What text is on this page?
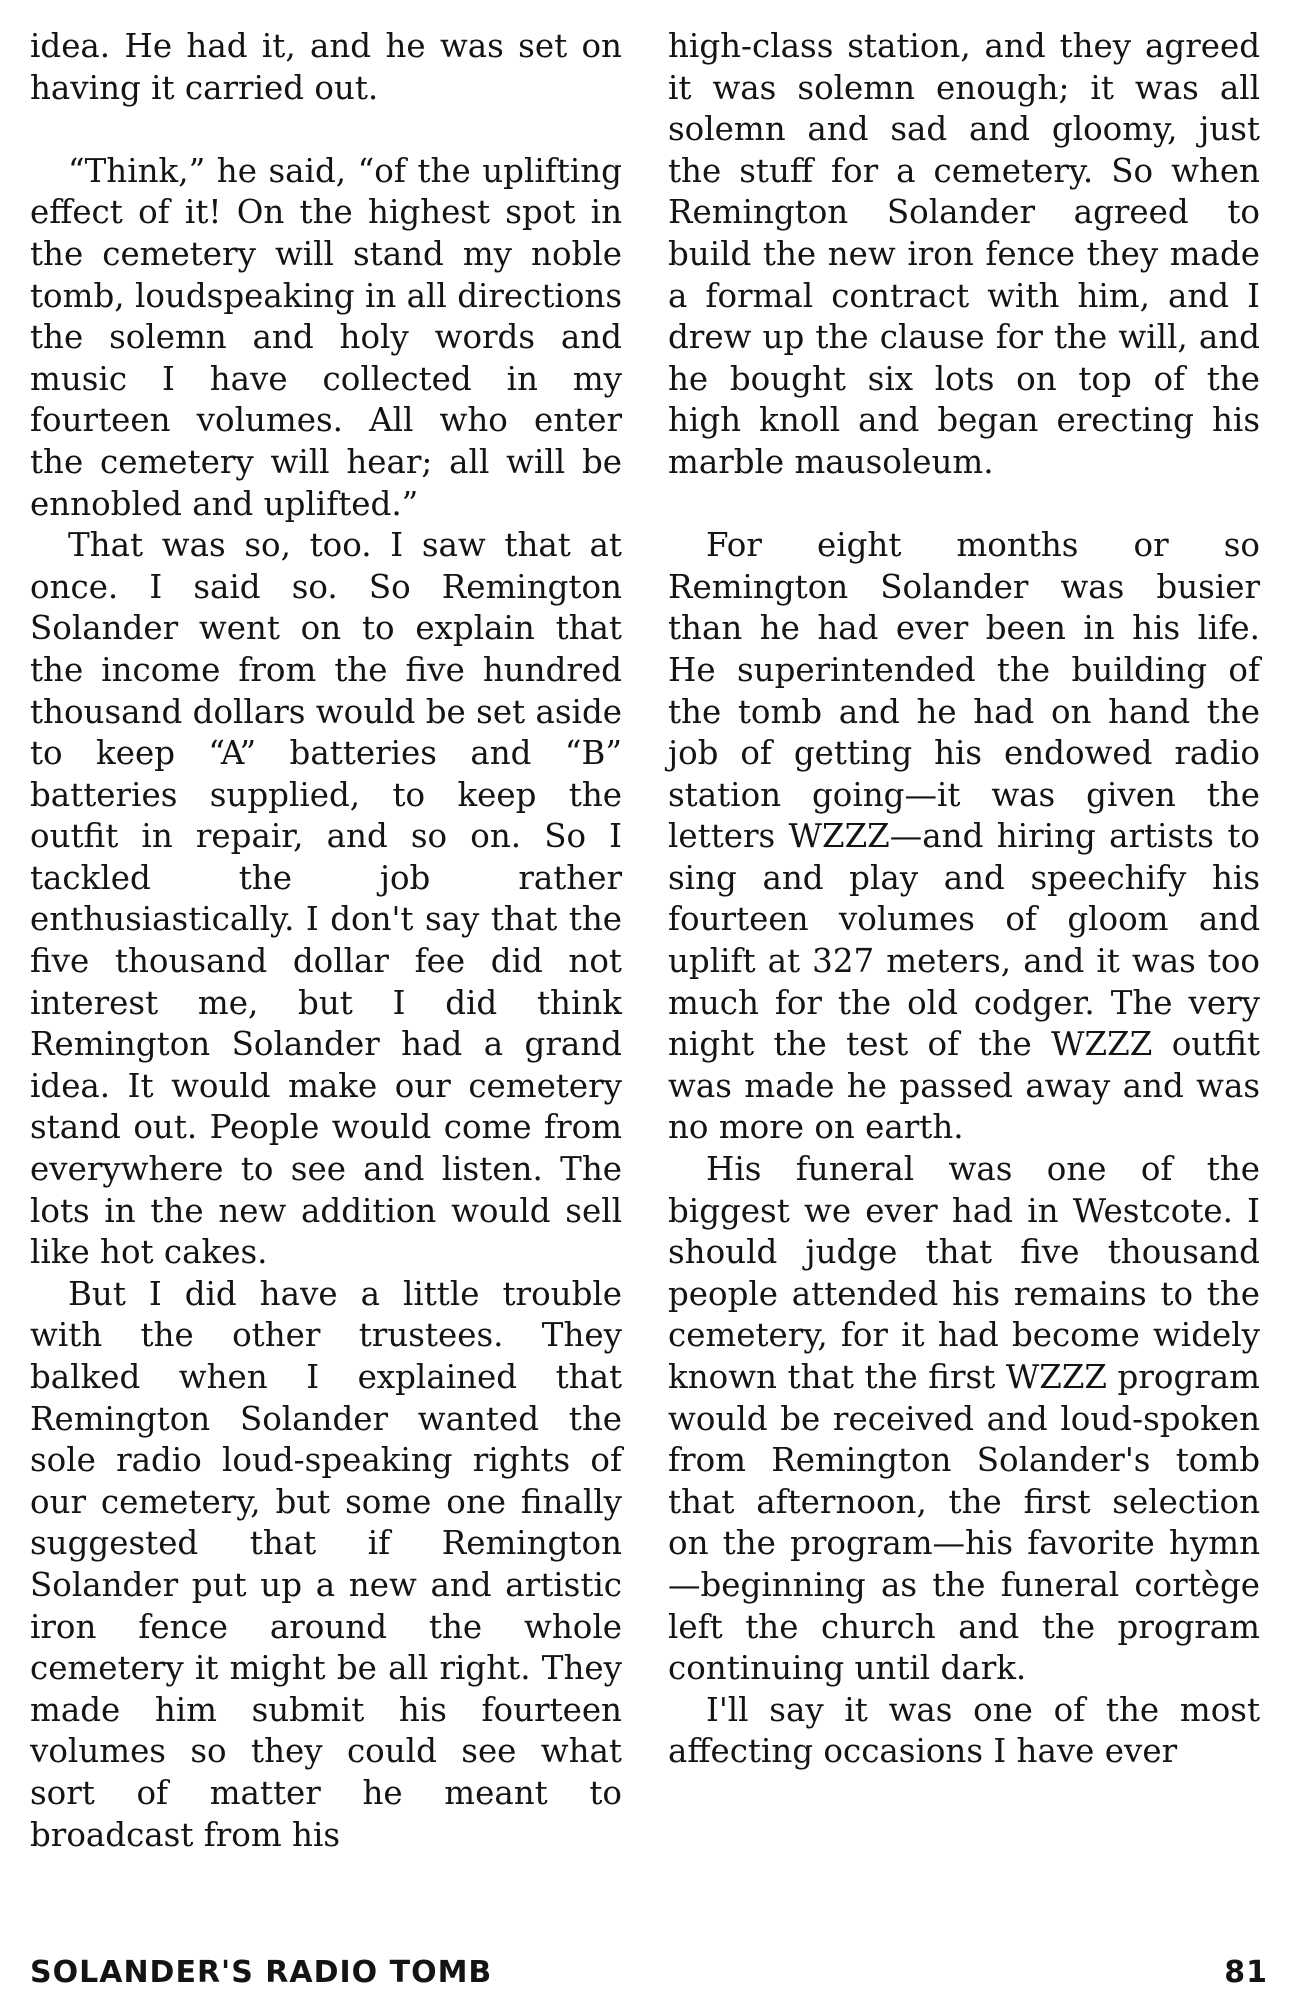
idea. He had it, and he was set on having it carried out.

“Think,” he said, “of the uplifting effect of it! On the highest spot in the cemetery will stand my noble tomb, loudspeaking in all directions the solemn and holy words and music I have collected in my fourteen volumes. All who enter the cemetery will hear; all will be ennobled and uplifted.”

That was so, too. I saw that at once. I said so. So Remington Solander went on to explain that the income from the five hundred thousand dollars would be set aside to keep “A” batteries and “B” batteries supplied, to keep the outfit in repair, and so on. So I tackled the job rather enthusiastically. I don't say that the five thousand dollar fee did not interest me, but I did think Remington Solander had a grand idea. It would make our cemetery stand out. People would come from everywhere to see and listen. The lots in the new addition would sell like hot cakes.

But I did have a little trouble with the other trustees. They balked when I explained that Remington Solander wanted the sole radio loud-speaking rights of our cemetery, but some one finally suggested that if Remington Solander put up a new and artistic iron fence around the whole cemetery it might be all right. They made him submit his fourteen volumes so they could see what sort of matter he meant to broadcast from his

high-class station, and they agreed it was solemn enough; it was all solemn and sad and gloomy, just the stuff for a cemetery. So when Remington Solander agreed to build the new iron fence they made a formal contract with him, and I drew up the clause for the will, and he bought six lots on top of the high knoll and began erecting his marble mausoleum.

For eight months or so Remington Solander was busier than he had ever been in his life. He superintended the building of the tomb and he had on hand the job of getting his endowed radio station going—it was given the letters WZZZ—and hiring artists to sing and play and speechify his fourteen volumes of gloom and uplift at 327 meters, and it was too much for the old codger. The very night the test of the WZZZ outfit was made he passed away and was no more on earth.

His funeral was one of the biggest we ever had in Westcote. I should judge that five thousand people attended his remains to the cemetery, for it had become widely known that the first WZZZ program would be received and loud-spoken from Remington Solander's tomb that afternoon, the first selection on the program—his favorite hymn —beginning as the funeral cortège left the church and the program continuing until dark.

I'll say it was one of the most affecting occasions I have ever

SOLANDER'S RADIO TOMB	81
